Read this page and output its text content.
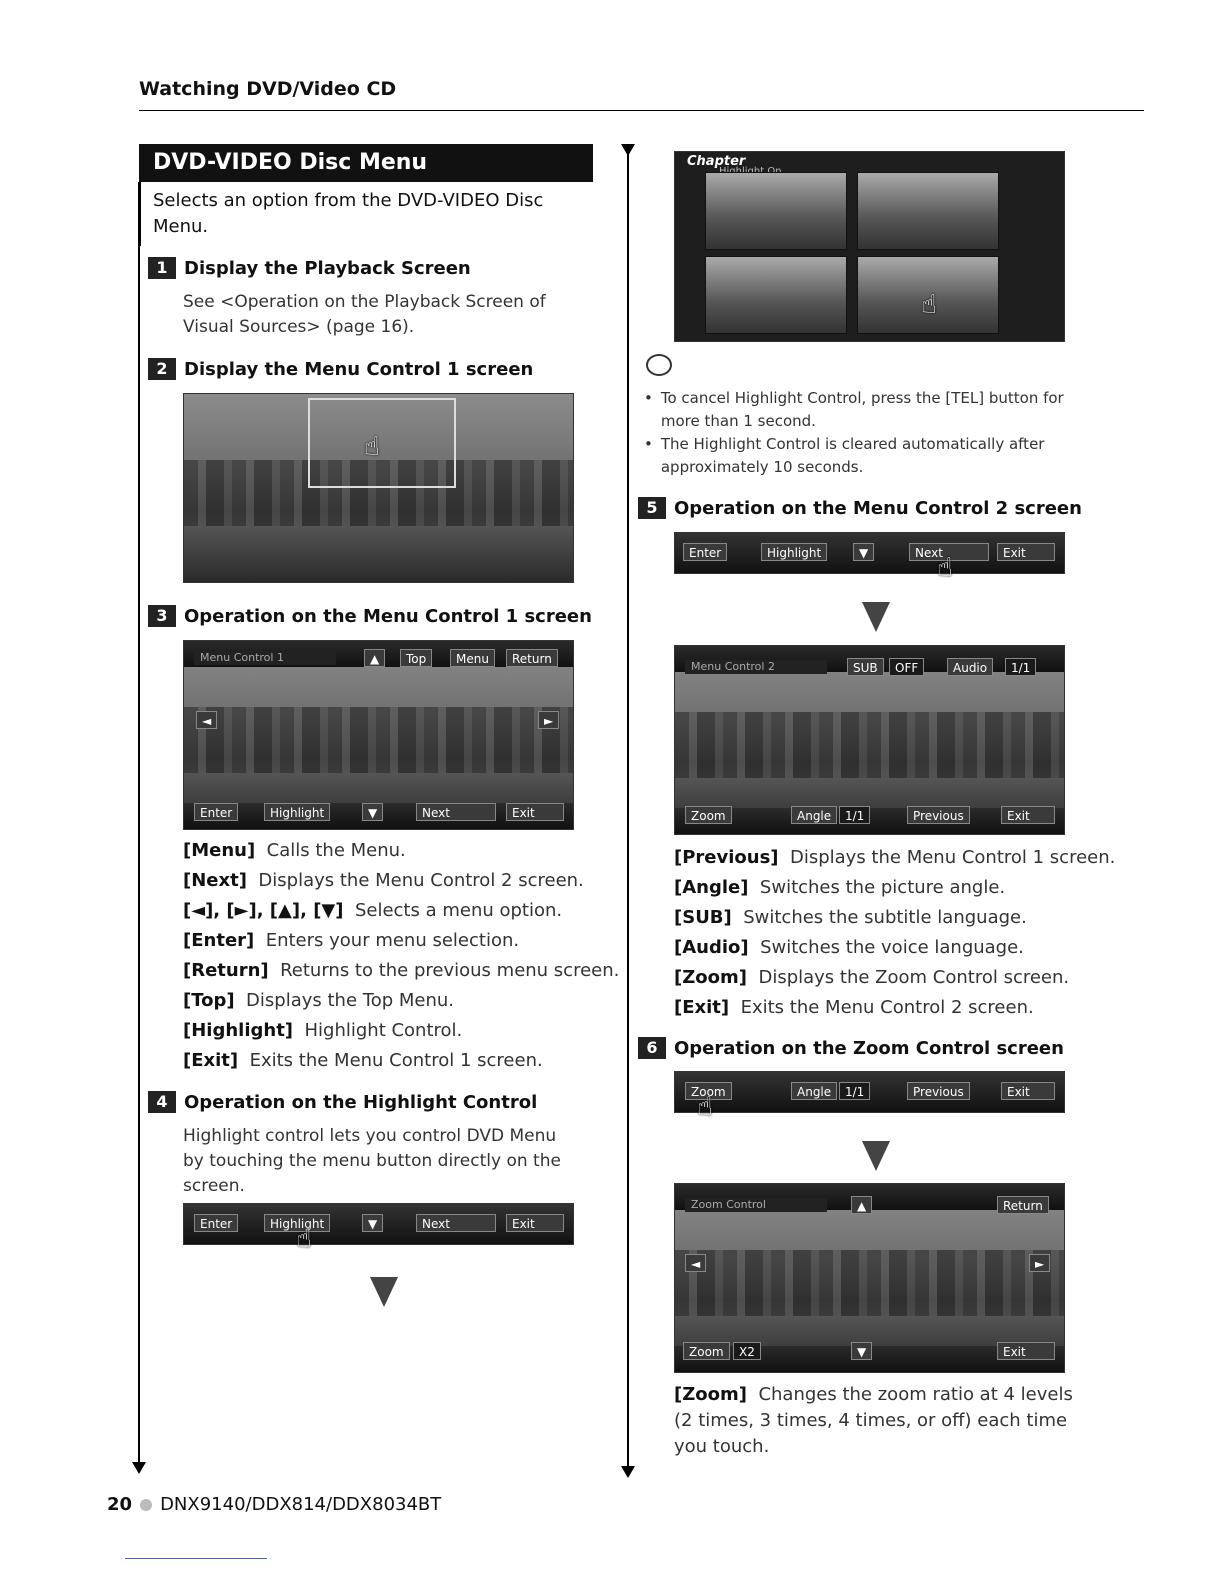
Watching DVD/Video CD
DVD-VIDEO Disc Menu
Selects an option from the DVD-VIDEO Disc Menu.
1 Display the Playback Screen
See <Operation on the Playback Screen of Visual Sources> (page 16).
2 Display the Menu Control 1 screen
☝
3 Operation on the Menu Control 1 screen
Menu Control 1	▲	Top	Menu	Return
◄	►
Enter	Highlight	▼	Next	Exit
[Menu] Calls the Menu.
[Next] Displays the Menu Control 2 screen.
[◄], [►], [▲], [▼] Selects a menu option.
[Enter] Enters your menu selection.
[Return] Returns to the previous menu screen.
[Top] Displays the Top Menu.
[Highlight] Highlight Control.
[Exit] Exits the Menu Control 1 screen.
4 Operation on the Highlight Control
Highlight control lets you control DVD Menu by touching the menu button directly on the screen.
Enter	Highlight	▼	Next	Exit
☝
Chapter
☝
• To cancel Highlight Control, press the [TEL] button for more than 1 second.
• The Highlight Control is cleared automatically after approximately 10 seconds.
5 Operation on the Menu Control 2 screen
Enter	Highlight	▼	Next	Exit
☝
Menu Control 2	SUB	OFF	Audio	1/1
Zoom	Angle	1/1	Previous	Exit
[Previous] Displays the Menu Control 1 screen.
[Angle] Switches the picture angle.
[SUB] Switches the subtitle language.
[Audio] Switches the voice language.
[Zoom] Displays the Zoom Control screen.
[Exit] Exits the Menu Control 2 screen.
6 Operation on the Zoom Control screen
Zoom	Angle	1/1	Previous	Exit
☝
Zoom Control	▲	Return
◄	►
Zoom	X2	▼	Exit
[Zoom] Changes the zoom ratio at 4 levels (2 times, 3 times, 4 times, or off) each time you touch.
20 DNX9140/DDX814/DDX8034BT
